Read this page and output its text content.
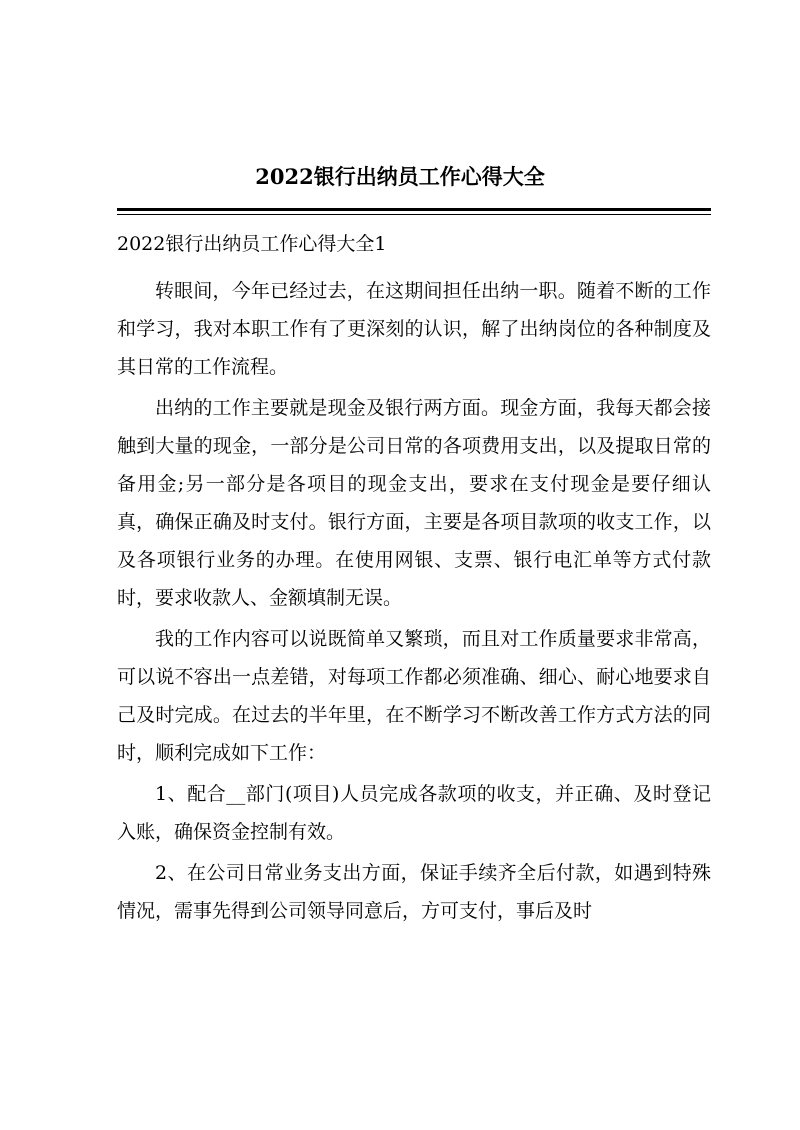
2022银行出纳员工作心得大全
2022银行出纳员工作心得大全1

转眼间，今年已经过去，在这期间担任出纳一职。随着不断的工作和学习，我对本职工作有了更深刻的认识，解了出纳岗位的各种制度及其日常的工作流程。

出纳的工作主要就是现金及银行两方面。现金方面，我每天都会接触到大量的现金，一部分是公司日常的各项费用支出，以及提取日常的备用金;另一部分是各项目的现金支出，要求在支付现金是要仔细认真，确保正确及时支付。银行方面，主要是各项目款项的收支工作，以及各项银行业务的办理。在使用网银、支票、银行电汇单等方式付款时，要求收款人、金额填制无误。

我的工作内容可以说既简单又繁琐，而且对工作质量要求非常高，可以说不容出一点差错，对每项工作都必须准确、细心、耐心地要求自己及时完成。在过去的半年里，在不断学习不断改善工作方式方法的同时，顺利完成如下工作：

1、配合__部门(项目)人员完成各款项的收支，并正确、及时登记入账，确保资金控制有效。

2、在公司日常业务支出方面，保证手续齐全后付款，如遇到特殊情况，需事先得到公司领导同意后，方可支付，事后及时
